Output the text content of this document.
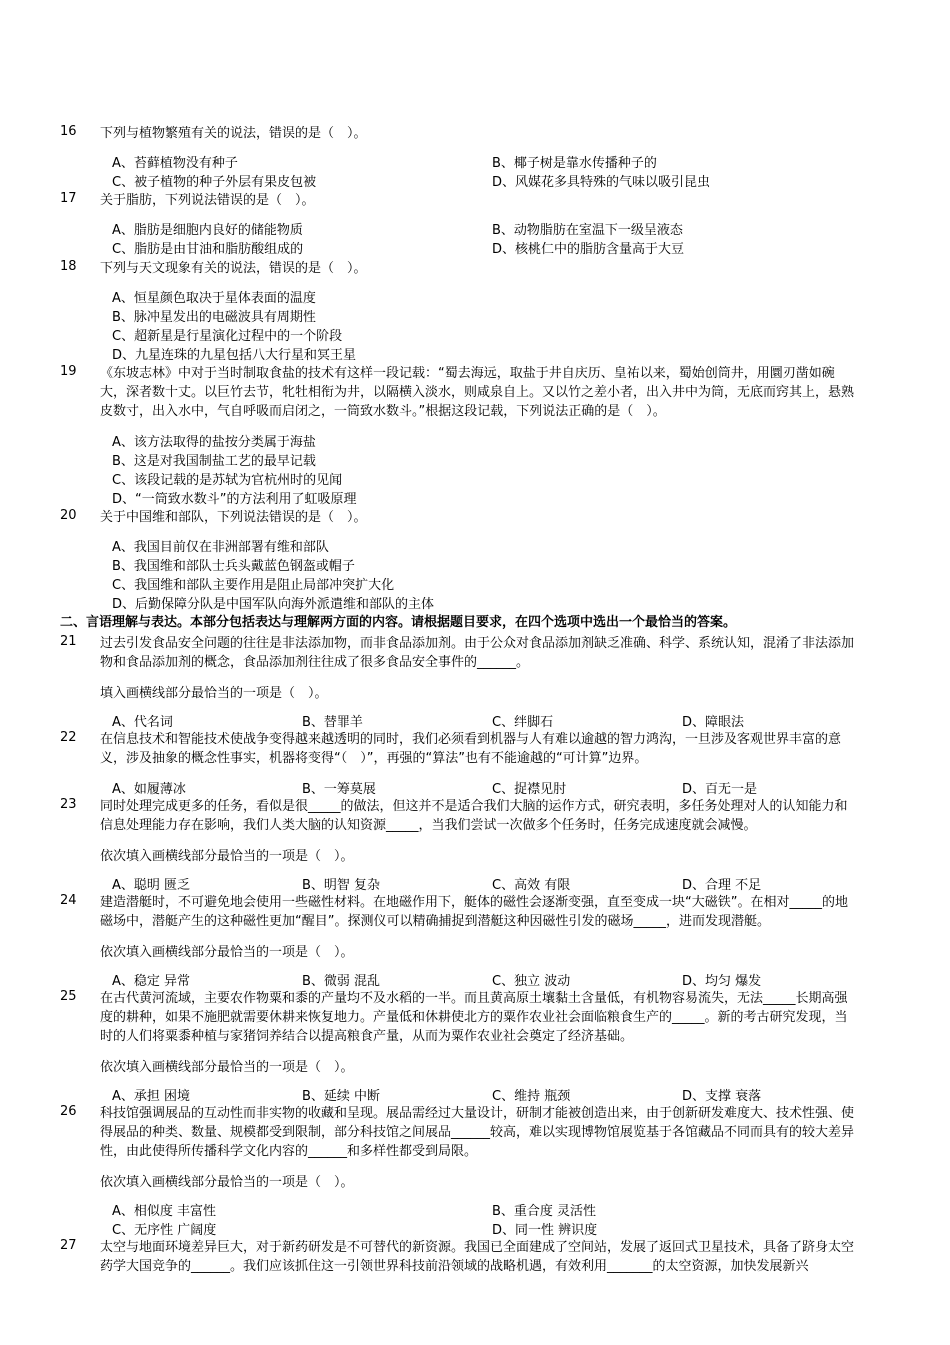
16	下列与植物繁殖有关的说法，错误的是（　）。
A、苔藓植物没有种子	B、椰子树是靠水传播种子的
C、被子植物的种子外层有果皮包被	D、风媒花多具特殊的气味以吸引昆虫
17	关于脂肪，下列说法错误的是（　）。
A、脂肪是细胞内良好的储能物质	B、动物脂肪在室温下一级呈液态
C、脂肪是由甘油和脂肪酸组成的	D、核桃仁中的脂肪含量高于大豆
18	下列与天文现象有关的说法，错误的是（　）。
A、恒星颜色取决于星体表面的温度
B、脉冲星发出的电磁波具有周期性
C、超新星是行星演化过程中的一个阶段
D、九星连珠的九星包括八大行星和冥王星
19	《东坡志林》中对于当时制取食盐的技术有这样一段记载：“蜀去海远，取盐于井自庆历、皇祐以来，蜀始创筒井，用圜刃凿如碗大，深者数十丈。以巨竹去节，牝牡相衔为井，以隔横入淡水，则咸泉自上。又以竹之差小者，出入井中为筒，无底而窍其上，悬熟皮数寸，出入水中，气自呼吸而启闭之，一筒致水数斗。”根据这段记载，下列说法正确的是（　）。
A、该方法取得的盐按分类属于海盐
B、这是对我国制盐工艺的最早记载
C、该段记载的是苏轼为官杭州时的见闻
D、“一筒致水数斗”的方法利用了虹吸原理
20	关于中国维和部队，下列说法错误的是（　）。
A、我国目前仅在非洲部署有维和部队
B、我国维和部队士兵头戴蓝色钢盔或帽子
C、我国维和部队主要作用是阻止局部冲突扩大化
D、后勤保障分队是中国军队向海外派遣维和部队的主体
二、言语理解与表达。本部分包括表达与理解两方面的内容。请根据题目要求，在四个选项中选出一个最恰当的答案。
21	过去引发食品安全问题的往往是非法添加物，而非食品添加剂。由于公众对食品添加剂缺乏准确、科学、系统认知，混淆了非法添加物和食品添加剂的概念，食品添加剂往往成了很多食品安全事件的______。
填入画横线部分最恰当的一项是（　）。
A、代名词	B、替罪羊	C、绊脚石	D、障眼法
22	在信息技术和智能技术使战争变得越来越透明的同时，我们必须看到机器与人有难以逾越的智力鸿沟，一旦涉及客观世界丰富的意义，涉及抽象的概念性事实，机器将变得“（　）”，再强的“算法”也有不能逾越的“可计算”边界。
A、如履薄冰	B、一筹莫展	C、捉襟见肘	D、百无一是
23	同时处理完成更多的任务，看似是很_____的做法，但这并不是适合我们大脑的运作方式，研究表明，多任务处理对人的认知能力和信息处理能力存在影响，我们人类大脑的认知资源_____，当我们尝试一次做多个任务时，任务完成速度就会减慢。
依次填入画横线部分最恰当的一项是（　）。
A、聪明 匮乏	B、明智 复杂	C、高效 有限	D、合理 不足
24	建造潜艇时，不可避免地会使用一些磁性材料。在地磁作用下，艇体的磁性会逐渐变强，直至变成一块“大磁铁”。在相对_____的地磁场中，潜艇产生的这种磁性更加“醒目”。探测仪可以精确捕捉到潜艇这种因磁性引发的磁场_____，进而发现潜艇。
依次填入画横线部分最恰当的一项是（　）。
A、稳定 异常	B、微弱 混乱	C、独立 波动	D、均匀 爆发
25	在古代黄河流域，主要农作物粟和黍的产量均不及水稻的一半。而且黄高原土壤黏土含量低，有机物容易流失，无法_____长期高强度的耕种，如果不施肥就需要休耕来恢复地力。产量低和休耕使北方的粟作农业社会面临粮食生产的_____。新的考古研究发现，当时的人们将粟黍种植与家猪饲养结合以提高粮食产量，从而为粟作农业社会奠定了经济基础。
依次填入画横线部分最恰当的一项是（　）。
A、承担 困境	B、延续 中断	C、维持 瓶颈	D、支撑 衰落
26	科技馆强调展品的互动性而非实物的收藏和呈现。展品需经过大量设计，研制才能被创造出来，由于创新研发难度大、技术性强、使得展品的种类、数量、规模都受到限制，部分科技馆之间展品______较高，难以实现博物馆展览基于各馆藏品不同而具有的较大差异性，由此使得所传播科学文化内容的______和多样性都受到局限。
依次填入画横线部分最恰当的一项是（　）。
A、相似度 丰富性	B、重合度 灵活性
C、无序性 广阔度	D、同一性 辨识度
27	太空与地面环境差异巨大，对于新药研发是不可替代的新资源。我国已全面建成了空间站，发展了返回式卫星技术，具备了跻身太空药学大国竞争的______。我们应该抓住这一引领世界科技前沿领域的战略机遇，有效利用_______的太空资源，加快发展新兴
